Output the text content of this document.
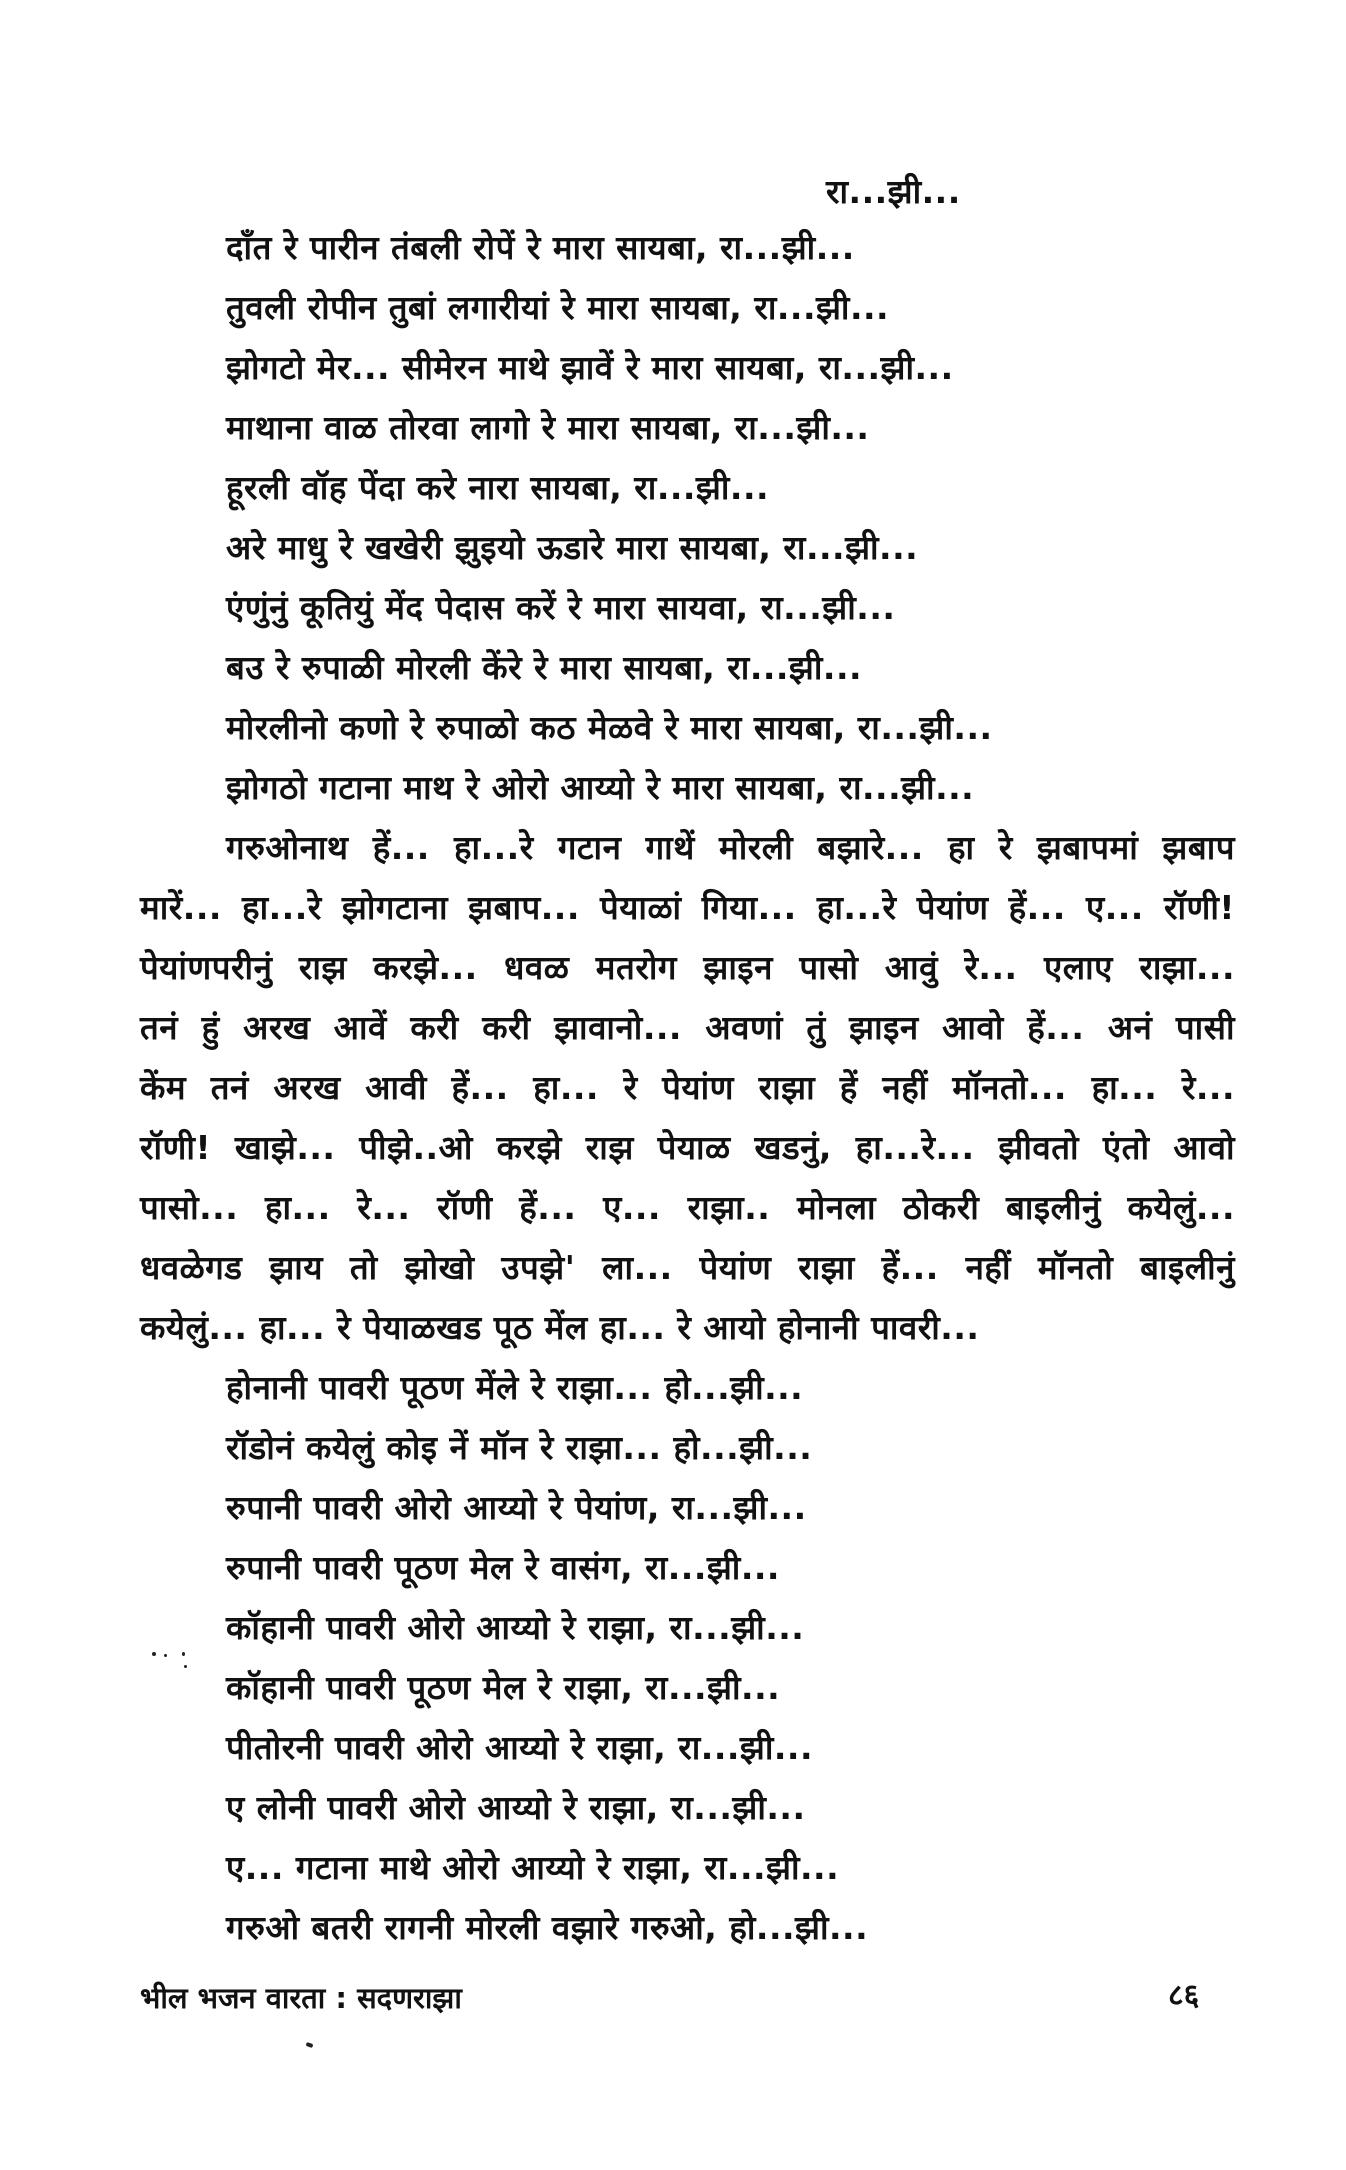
रा...झी...
दाँत रे पारीन तंबली रोपें रे मारा सायबा, रा...झी...
तुवली रोपीन तुबां लगारीयां रे मारा सायबा, रा...झी...
झोगटो मेर... सीमेरन माथे झावें रे मारा सायबा, रा...झी...
माथाना वाळ तोरवा लागो रे मारा सायबा, रा...झी...
हूरली वॉह पेंदा करे नारा सायबा, रा...झी...
अरे माधु रे खखेरी झुइयो ऊडारे मारा सायबा, रा...झी...
एंणुंनुं कूतियुं मेंद पेदास करें रे मारा सायवा, रा...झी...
बउ रे रुपाळी मोरली केंरे रे मारा सायबा, रा...झी...
मोरलीनो कणो रे रुपाळो कठ मेळवे रे मारा सायबा, रा...झी...
झोगठो गटाना माथ रे ओरो आय्यो रे मारा सायबा, रा...झी...
गरुओनाथ हें... हा...रे गटान गाथें मोरली बझारे... हा रे झबापमां झबाप
मारें... हा...रे झोगटाना झबाप... पेयाळां गिया... हा...रे पेयांण हें... ए... रॉणी!
पेयांणपरीनुं राझ करझे... धवळ मतरोग झाइन पासो आवुं रे... एलाए राझा...
तनं हुं अरख आवें करी करी झावानो... अवणां तुं झाइन आवो हें... अनं पासी
केंम तनं अरख आवी हें... हा... रे पेयांण राझा हें नहीं मॉनतो... हा... रे...
रॉणी! खाझे... पीझे..ओ करझे राझ पेयाळ खडनुं, हा...रे... झीवतो एंतो आवो
पासो... हा... रे... रॉणी हें... ए... राझा.. मोनला ठोकरी बाइलीनुं कयेलुं...
धवळेगड झाय तो झोखो उपझे' ला... पेयांण राझा हें... नहीं मॉनतो बाइलीनुं
कयेलुं... हा... रे पेयाळखड पूठ मेंल हा... रे आयो होनानी पावरी...
होनानी पावरी पूठण मेंले रे राझा... हो...झी...
रॉडोनं कयेलुं कोइ नें मॉन रे राझा... हो...झी...
रुपानी पावरी ओरो आय्यो रे पेयांण, रा...झी...
रुपानी पावरी पूठण मेल रे वासंग, रा...झी...
कॉहानी पावरी ओरो आय्यो रे राझा, रा...झी...
कॉहानी पावरी पूठण मेल रे राझा, रा...झी...
पीतोरनी पावरी ओरो आय्यो रे राझा, रा...झी...
ए लोनी पावरी ओरो आय्यो रे राझा, रा...झी...
ए... गटाना माथे ओरो आय्यो रे राझा, रा...झी...
गरुओ बतरी रागनी मोरली वझारे गरुओ, हो...झी...
भील भजन वारता : सदणराझा	८६
